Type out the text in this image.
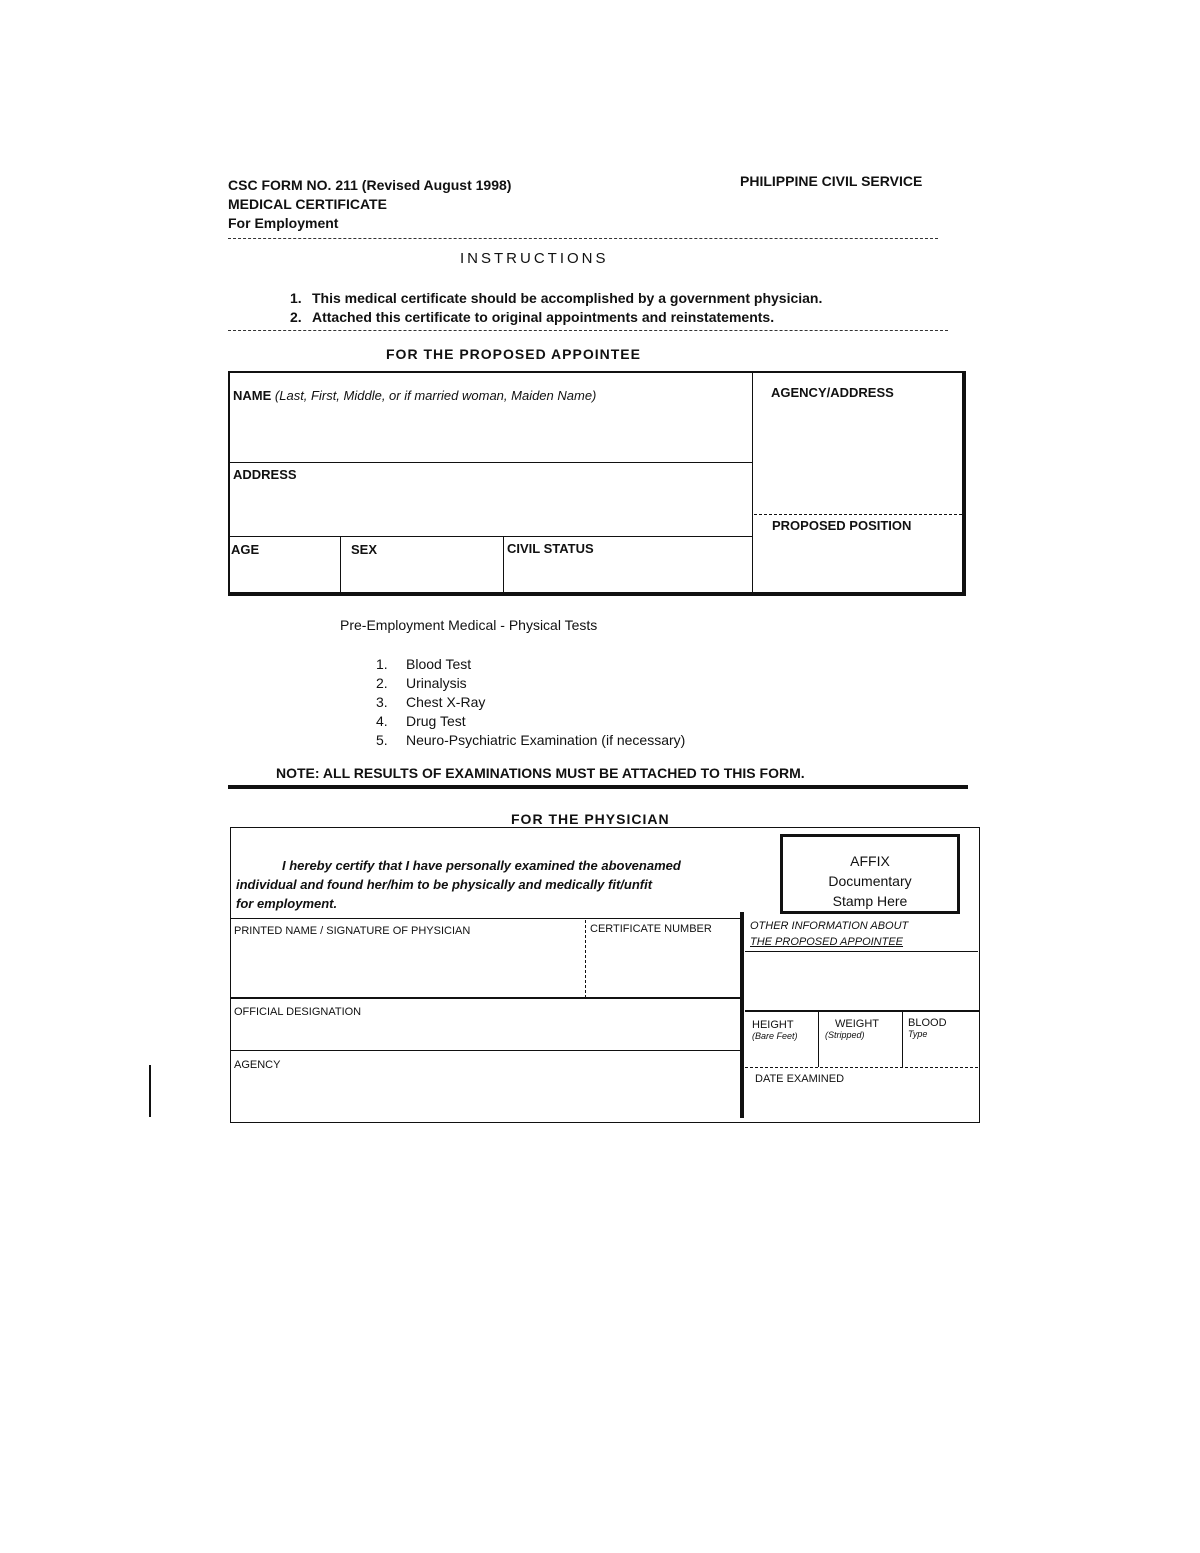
CSC FORM NO. 211 (Revised August 1998)
MEDICAL CERTIFICATE
For Employment
PHILIPPINE CIVIL SERVICE
INSTRUCTIONS
1. This medical certificate should be accomplished by a government physician.
2. Attached this certificate to original appointments and reinstatements.
FOR THE PROPOSED APPOINTEE
NAME (Last, First, Middle, or if married woman, Maiden Name)
ADDRESS
AGE	SEX	CIVIL STATUS
AGENCY/ADDRESS
PROPOSED POSITION
Pre-Employment Medical - Physical Tests
1. Blood Test
2. Urinalysis
3. Chest X-Ray
4. Drug Test
5. Neuro-Psychiatric Examination (if necessary)
NOTE: ALL RESULTS OF EXAMINATIONS MUST BE ATTACHED TO THIS FORM.
FOR THE PHYSICIAN
I hereby certify that I have personally examined the abovenamed
individual and found her/him to be physically and medically fit/unfit
for employment.
AFFIX
Documentary
Stamp Here
PRINTED NAME / SIGNATURE OF PHYSICIAN	CERTIFICATE NUMBER
OFFICIAL DESIGNATION
AGENCY
OTHER INFORMATION ABOUT
THE PROPOSED APPOINTEE
HEIGHT
(Bare Feet)
WEIGHT
(Stripped)
BLOOD
Type
DATE EXAMINED
